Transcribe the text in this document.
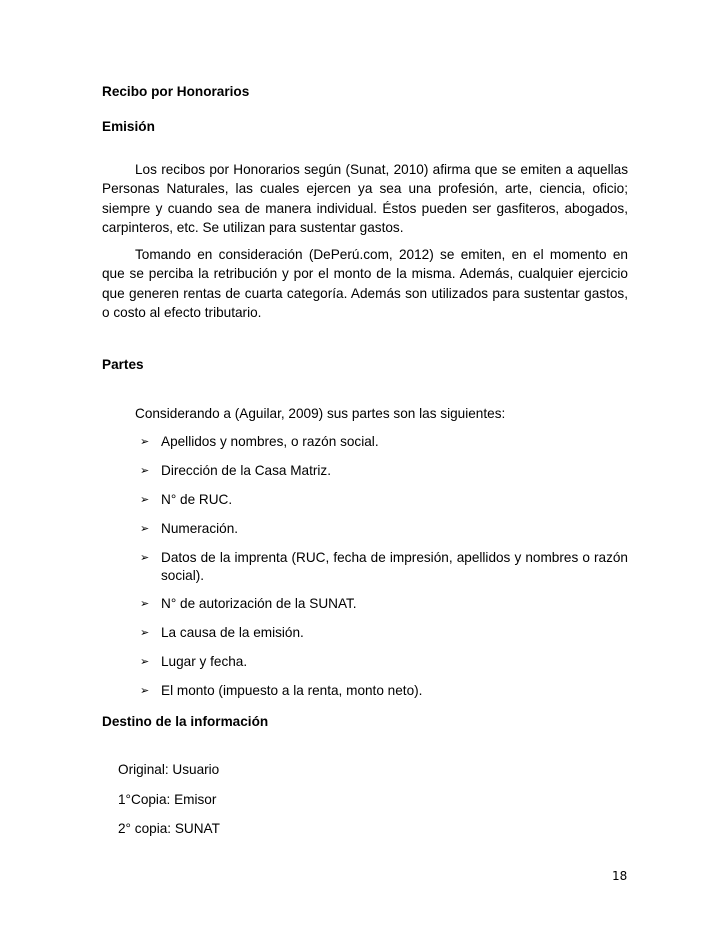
Recibo por Honorarios
Emisión

Los recibos por Honorarios según (Sunat, 2010) afirma que se emiten a aquellas Personas Naturales, las cuales ejercen ya sea una profesión, arte, ciencia, oficio; siempre y cuando sea de manera individual. Éstos pueden ser gasfiteros, abogados, carpinteros, etc. Se utilizan para sustentar gastos.

Tomando en consideración (DePerú.com, 2012) se emiten, en el momento en que se perciba la retribución y por el monto de la misma. Además, cualquier ejercicio que generen rentas de cuarta categoría. Además son utilizados para sustentar gastos, o costo al efecto tributario.

Partes
Considerando a (Aguilar, 2009) sus partes son las siguientes:
➢ Apellidos y nombres, o razón social.
➢ Dirección de la Casa Matriz.
➢ N° de RUC.
➢ Numeración.
➢ Datos de la imprenta (RUC, fecha de impresión, apellidos y nombres o razón social).
➢ N° de autorización de la SUNAT.
➢ La causa de la emisión.
➢ Lugar y fecha.
➢ El monto (impuesto a la renta, monto neto).
Destino de la información
Original: Usuario
1°Copia: Emisor
2° copia: SUNAT
18
